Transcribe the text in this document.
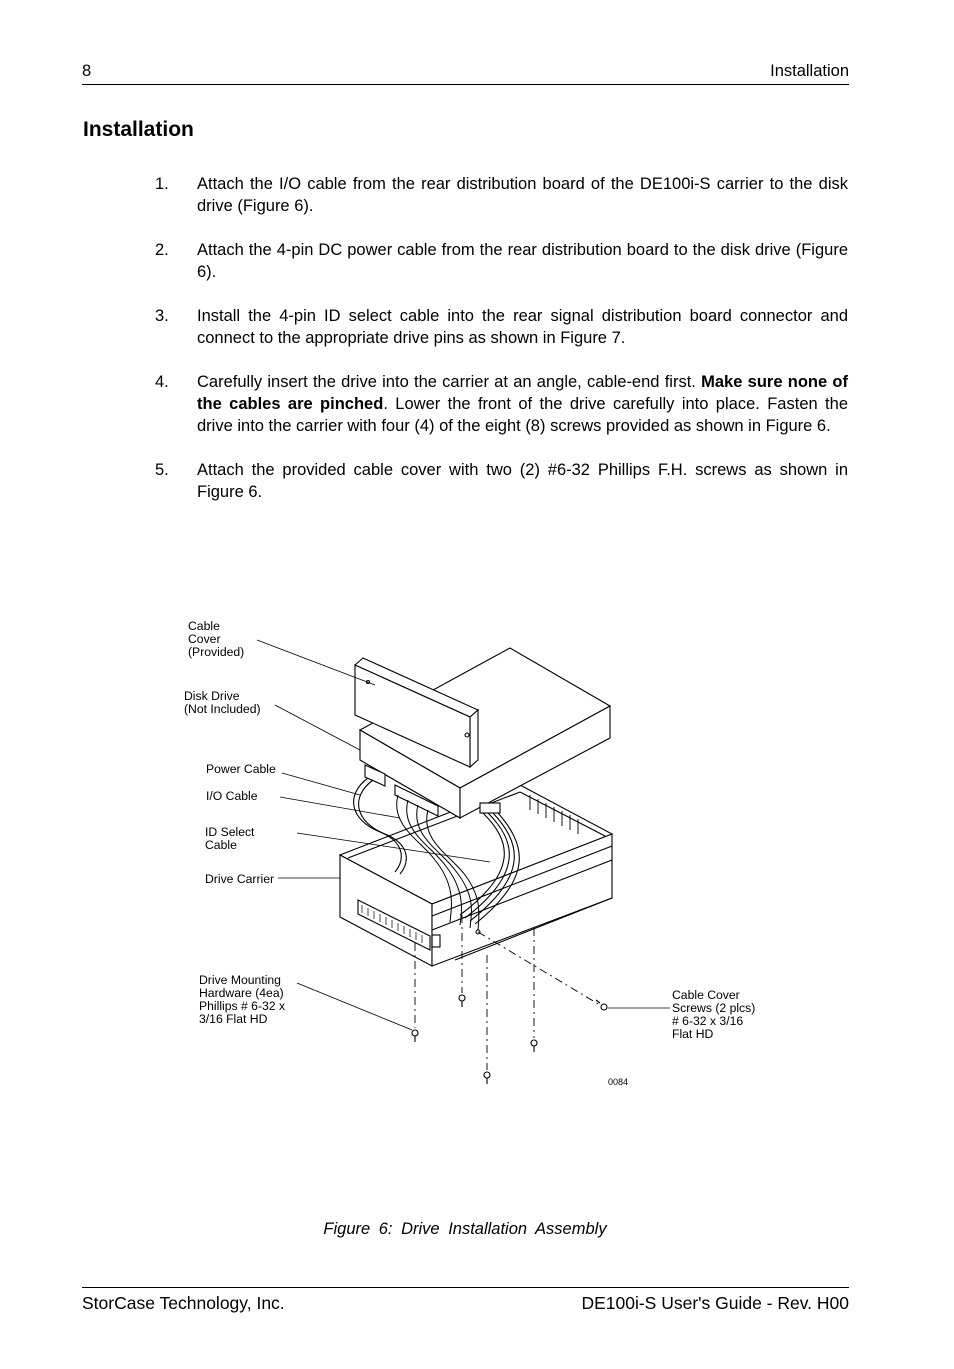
8	Installation
Installation
1. Attach the I/O cable from the rear distribution board of the DE100i-S carrier to the disk drive (Figure 6).
2. Attach the 4-pin DC power cable from the rear distribution board to the disk drive (Figure 6).
3. Install the 4-pin ID select cable into the rear signal distribution board connector and connect to the appropriate drive pins as shown in Figure 7.
4. Carefully insert the drive into the carrier at an angle, cable-end first. Make sure none of the cables are pinched. Lower the front of the drive carefully into place. Fasten the drive into the carrier with four (4) of the eight (8) screws provided as shown in Figure 6.
5. Attach the provided cable cover with two (2) #6-32 Phillips F.H. screws as shown in Figure 6.
Cable
Cover
(Provided)
Disk Drive
(Not Included)
Power Cable
I/O Cable
ID Select
Cable
Drive Carrier
Drive Mounting
Hardware (4ea)
Phillips # 6-32 x
3/16 Flat HD
Cable Cover
Screws (2 plcs)
# 6-32 x 3/16
Flat HD
0084
Figure 6: Drive Installation Assembly
StorCase Technology, Inc.	DE100i-S User's Guide - Rev. H00
